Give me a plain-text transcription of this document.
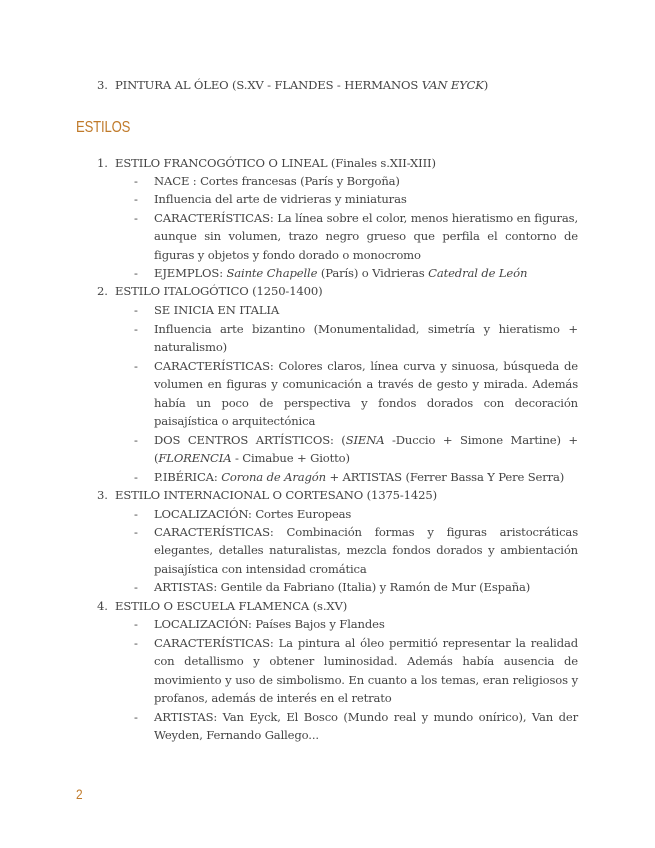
3. PINTURA AL ÓLEO (S.XV - FLANDES - HERMANOS VAN EYCK)
ESTILOS
1. ESTILO FRANCOGÓTICO O LINEAL (Finales s.XII-XIII)
- NACE : Cortes francesas (París y Borgoña)
- Influencia del arte de vidrieras y miniaturas
- CARACTERÍSTICAS: La línea sobre el color, menos hieratismo en figuras, aunque sin volumen, trazo negro grueso que perfila el contorno de figuras y objetos y fondo dorado o monocromo
- EJEMPLOS: Sainte Chapelle (París) o Vidrieras Catedral de León
2. ESTILO ITALOGÓTICO (1250-1400)
- SE INICIA EN ITALIA
- Influencia arte bizantino (Monumentalidad, simetría y hieratismo + naturalismo)
- CARACTERÍSTICAS: Colores claros, línea curva y sinuosa, búsqueda de volumen en figuras y comunicación a través de gesto y mirada. Además había un poco de perspectiva y fondos dorados con decoración paisajística o arquitectónica
- DOS CENTROS ARTÍSTICOS: (SIENA -Duccio + Simone Martine) + (FLORENCIA - Cimabue + Giotto)
- P.IBÉRICA: Corona de Aragón + ARTISTAS (Ferrer Bassa Y Pere Serra)
3. ESTILO INTERNACIONAL O CORTESANO (1375-1425)
- LOCALIZACIÓN: Cortes Europeas
- CARACTERÍSTICAS: Combinación formas y figuras aristocráticas elegantes, detalles naturalistas, mezcla fondos dorados y ambientación paisajística con intensidad cromática
- ARTISTAS: Gentile da Fabriano (Italia) y Ramón de Mur (España)
4. ESTILO O ESCUELA FLAMENCA (s.XV)
- LOCALIZACIÓN: Países Bajos y Flandes
- CARACTERÍSTICAS: La pintura al óleo permitió representar la realidad con detallismo y obtener luminosidad. Además había ausencia de movimiento y uso de simbolismo. En cuanto a los temas, eran religiosos y profanos, además de interés en el retrato
- ARTISTAS: Van Eyck, El Bosco (Mundo real y mundo onírico), Van der Weyden, Fernando Gallego...
2
